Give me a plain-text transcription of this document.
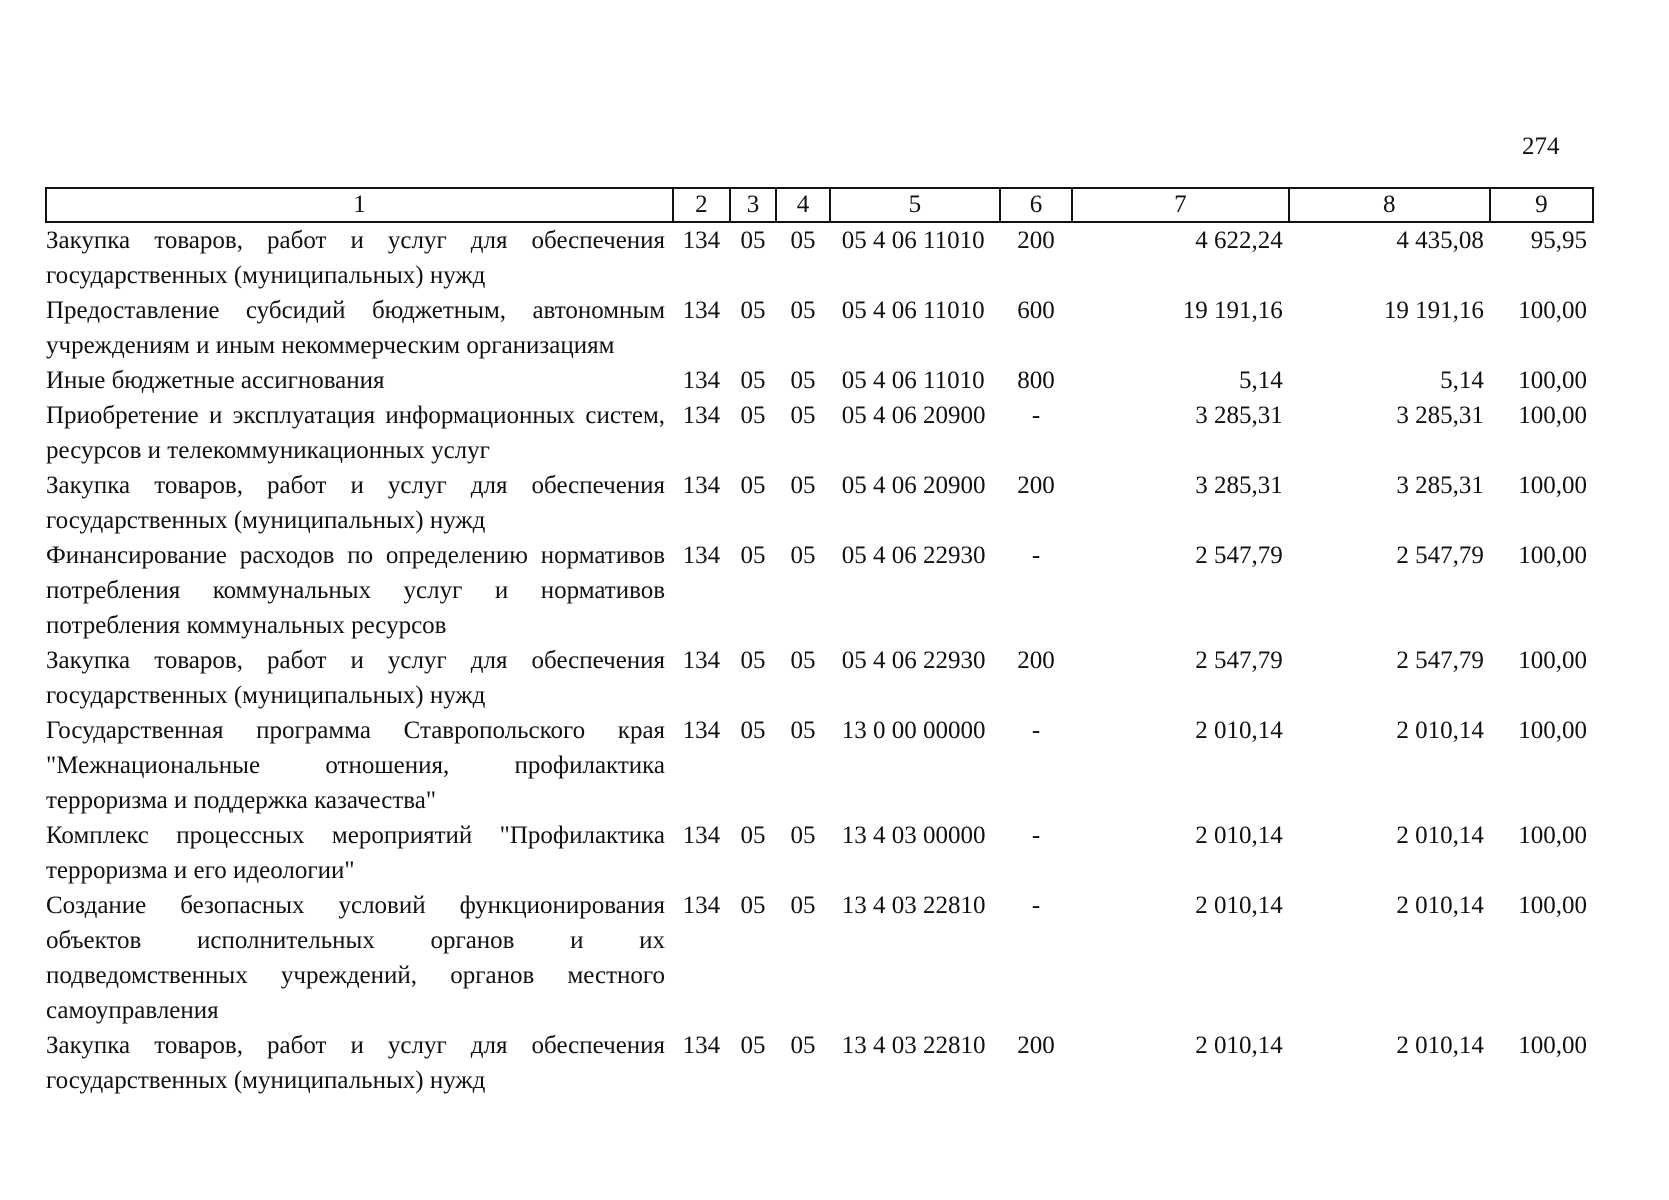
274
1	2	3	4	5	6	7	8	9
Закупка товаров, работ и услуг для обеспечения государственных (муниципальных) нужд	134	05	05	05 4 06 11010	200	4 622,24	4 435,08	95,95
Предоставление субсидий бюджетным, автономным учреждениям и иным некоммерческим организациям	134	05	05	05 4 06 11010	600	19 191,16	19 191,16	100,00
Иные бюджетные ассигнования	134	05	05	05 4 06 11010	800	5,14	5,14	100,00
Приобретение и эксплуатация информационных систем, ресурсов и телекоммуникационных услуг	134	05	05	05 4 06 20900	-	3 285,31	3 285,31	100,00
Закупка товаров, работ и услуг для обеспечения государственных (муниципальных) нужд	134	05	05	05 4 06 20900	200	3 285,31	3 285,31	100,00
Финансирование расходов по определению нормативов потребления коммунальных услуг и нормативов потребления коммунальных ресурсов	134	05	05	05 4 06 22930	-	2 547,79	2 547,79	100,00
Закупка товаров, работ и услуг для обеспечения государственных (муниципальных) нужд	134	05	05	05 4 06 22930	200	2 547,79	2 547,79	100,00
Государственная программа Ставропольского края "Межнациональные отношения, профилактика терроризма и поддержка казачества"	134	05	05	13 0 00 00000	-	2 010,14	2 010,14	100,00
Комплекс процессных мероприятий "Профилактика терроризма и его идеологии"	134	05	05	13 4 03 00000	-	2 010,14	2 010,14	100,00
Создание безопасных условий функционирования объектов исполнительных органов и их подведомственных учреждений, органов местного самоуправления	134	05	05	13 4 03 22810	-	2 010,14	2 010,14	100,00
Закупка товаров, работ и услуг для обеспечения государственных (муниципальных) нужд	134	05	05	13 4 03 22810	200	2 010,14	2 010,14	100,00
